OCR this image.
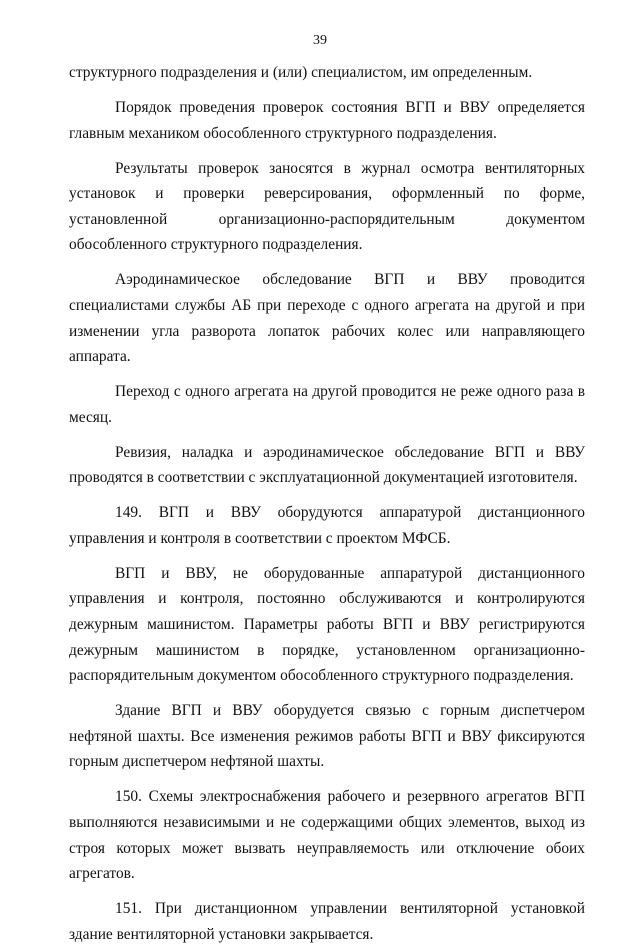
39

структурного подразделения и (или) специалистом, им определенным.

Порядок проведения проверок состояния ВГП и ВВУ определяется главным механиком обособленного структурного подразделения.

Результаты проверок заносятся в журнал осмотра вентиляторных установок и проверки реверсирования, оформленный по форме, установленной организационно-распорядительным документом обособленного структурного подразделения.

Аэродинамическое обследование ВГП и ВВУ проводится специалистами службы АБ при переходе с одного агрегата на другой и при изменении угла разворота лопаток рабочих колес или направляющего аппарата.

Переход с одного агрегата на другой проводится не реже одного раза в месяц.

Ревизия, наладка и аэродинамическое обследование ВГП и ВВУ проводятся в соответствии с эксплуатационной документацией изготовителя.

149. ВГП и ВВУ оборудуются аппаратурой дистанционного управления и контроля в соответствии с проектом МФСБ.

ВГП и ВВУ, не оборудованные аппаратурой дистанционного управления и контроля, постоянно обслуживаются и контролируются дежурным машинистом. Параметры работы ВГП и ВВУ регистрируются дежурным машинистом в порядке, установленном организационно-распорядительным документом обособленного структурного подразделения.

Здание ВГП и ВВУ оборудуется связью с горным диспетчером нефтяной шахты. Все изменения режимов работы ВГП и ВВУ фиксируются горным диспетчером нефтяной шахты.

150. Схемы электроснабжения рабочего и резервного агрегатов ВГП выполняются независимыми и не содержащими общих элементов, выход из строя которых может вызвать неуправляемость или отключение обоих агрегатов.

151. При дистанционном управлении вентиляторной установкой здание вентиляторной установки закрывается.
